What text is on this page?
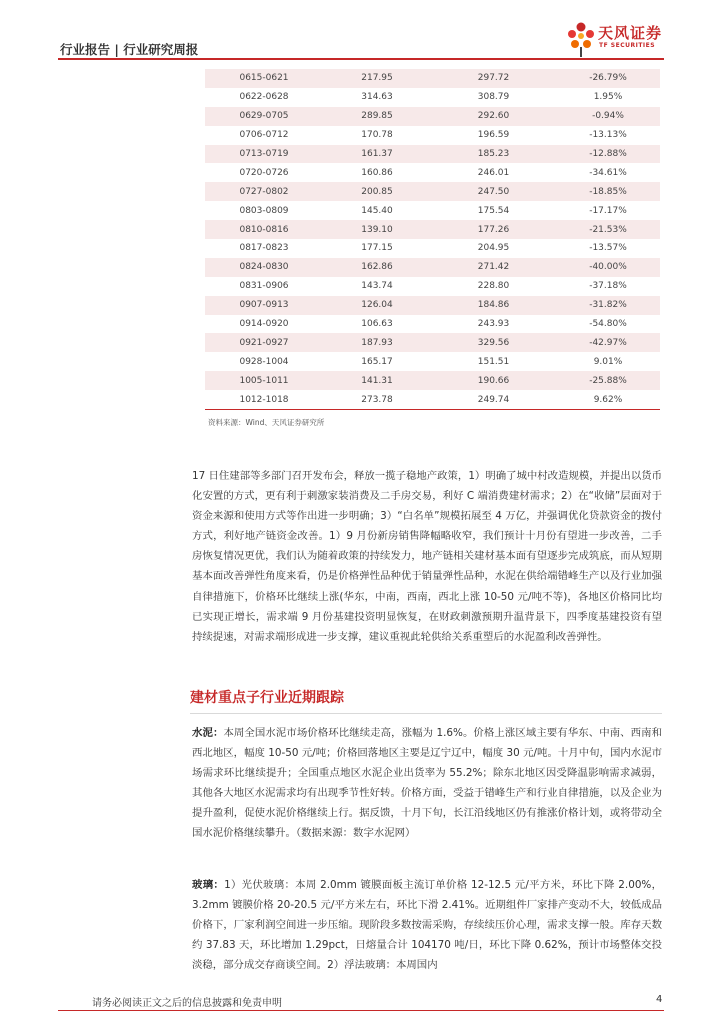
行业报告 | 行业研究周报
天风证券
TF SECURITIES
0615-0621	217.95	297.72	-26.79%
0622-0628	314.63	308.79	1.95%
0629-0705	289.85	292.60	-0.94%
0706-0712	170.78	196.59	-13.13%
0713-0719	161.37	185.23	-12.88%
0720-0726	160.86	246.01	-34.61%
0727-0802	200.85	247.50	-18.85%
0803-0809	145.40	175.54	-17.17%
0810-0816	139.10	177.26	-21.53%
0817-0823	177.15	204.95	-13.57%
0824-0830	162.86	271.42	-40.00%
0831-0906	143.74	228.80	-37.18%
0907-0913	126.04	184.86	-31.82%
0914-0920	106.63	243.93	-54.80%
0921-0927	187.93	329.56	-42.97%
0928-1004	165.17	151.51	9.01%
1005-1011	141.31	190.66	-25.88%
1012-1018	273.78	249.74	9.62%
资料来源：Wind、天风证券研究所

17 日住建部等多部门召开发布会，释放一揽子稳地产政策，1）明确了城中村改造规模，并提出以货币化安置的方式，更有利于刺激家装消费及二手房交易，利好 C 端消费建材需求；2）在“收储”层面对于资金来源和使用方式等作出进一步明确；3）“白名单”规模拓展至 4 万亿，并强调优化贷款资金的拨付方式，利好地产链资金改善。1）9 月份新房销售降幅略收窄，我们预计十月份有望进一步改善，二手房恢复情况更优，我们认为随着政策的持续发力，地产链相关建材基本面有望逐步完成筑底，而从短期基本面改善弹性角度来看，仍是价格弹性品种优于销量弹性品种，水泥在供给端错峰生产以及行业加强自律措施下，价格环比继续上涨(华东，中南，西南，西北上涨 10-50 元/吨不等)，各地区价格同比均已实现正增长，需求端 9 月份基建投资明显恢复，在财政刺激预期升温背景下，四季度基建投资有望持续提速，对需求端形成进一步支撑，建议重视此轮供给关系重塑后的水泥盈利改善弹性。

建材重点子行业近期跟踪

水泥：本周全国水泥市场价格环比继续走高，涨幅为 1.6%。价格上涨区域主要有华东、中南、西南和西北地区，幅度 10-50 元/吨；价格回落地区主要是辽宁辽中，幅度 30 元/吨。十月中旬，国内水泥市场需求环比继续提升；全国重点地区水泥企业出货率为 55.2%；除东北地区因受降温影响需求减弱，其他各大地区水泥需求均有出现季节性好转。价格方面，受益于错峰生产和行业自律措施，以及企业为提升盈利，促使水泥价格继续上行。据反馈，十月下旬，长江沿线地区仍有推涨价格计划，或将带动全国水泥价格继续攀升。（数据来源：数字水泥网）

玻璃：1）光伏玻璃：本周 2.0mm 镀膜面板主流订单价格 12-12.5 元/平方米，环比下降 2.00%，3.2mm 镀膜价格 20-20.5 元/平方米左右，环比下滑 2.41%。近期组件厂家排产变动不大，较低成品价格下，厂家利润空间进一步压缩。现阶段多数按需采购，存续续压价心理，需求支撑一般。库存天数约 37.83 天，环比增加 1.29pct，日熔量合计 104170 吨/日，环比下降 0.62%，预计市场整体交投淡稳，部分成交存商谈空间。2）浮法玻璃：本周国内

请务必阅读正文之后的信息披露和免责申明	4
